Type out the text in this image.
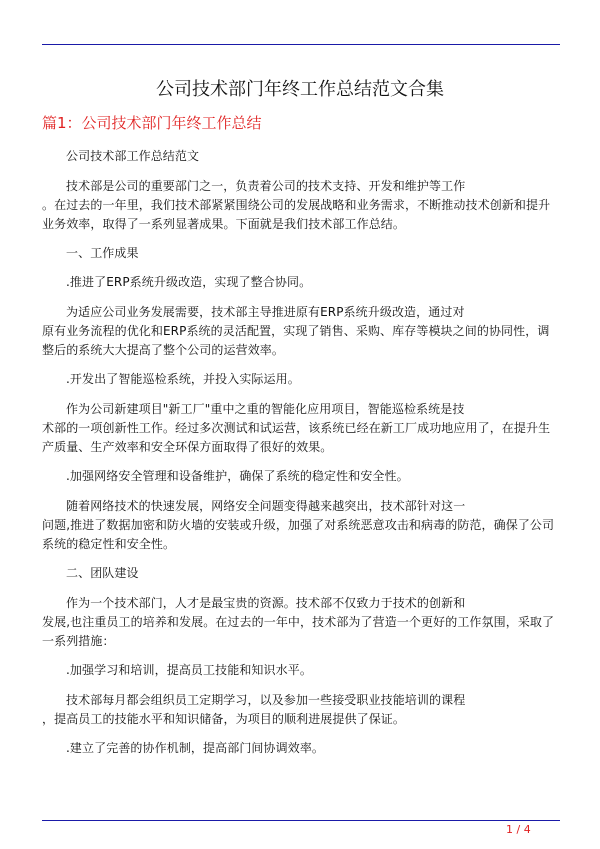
公司技术部门年终工作总结范文合集
篇1：公司技术部门年终工作总结
公司技术部工作总结范文
技术部是公司的重要部门之一，负责着公司的技术支持、开发和维护等工作
。在过去的一年里，我们技术部紧紧围绕公司的发展战略和业务需求，不断推动技术创新和提升
业务效率，取得了一系列显著成果。下面就是我们技术部工作总结。
一、工作成果
.推进了ERP系统升级改造，实现了整合协同。
为适应公司业务发展需要，技术部主导推进原有ERP系统升级改造，通过对
原有业务流程的优化和ERP系统的灵活配置，实现了销售、采购、库存等模块之间的协同性，调
整后的系统大大提高了整个公司的运营效率。
.开发出了智能巡检系统，并投入实际运用。
作为公司新建项目"新工厂"重中之重的智能化应用项目，智能巡检系统是技
术部的一项创新性工作。经过多次测试和试运营，该系统已经在新工厂成功地应用了，在提升生
产质量、生产效率和安全环保方面取得了很好的效果。
.加强网络安全管理和设备维护，确保了系统的稳定性和安全性。
随着网络技术的快速发展，网络安全问题变得越来越突出，技术部针对这一
问题,推进了数据加密和防火墙的安装或升级，加强了对系统恶意攻击和病毒的防范，确保了公司
系统的稳定性和安全性。
二、团队建设
作为一个技术部门，人才是最宝贵的资源。技术部不仅致力于技术的创新和
发展,也注重员工的培养和发展。在过去的一年中，技术部为了营造一个更好的工作氛围，采取了
一系列措施：
.加强学习和培训，提高员工技能和知识水平。
技术部每月都会组织员工定期学习，以及参加一些接受职业技能培训的课程
，提高员工的技能水平和知识储备，为项目的顺利进展提供了保证。
.建立了完善的协作机制，提高部门间协调效率。
1 / 4
